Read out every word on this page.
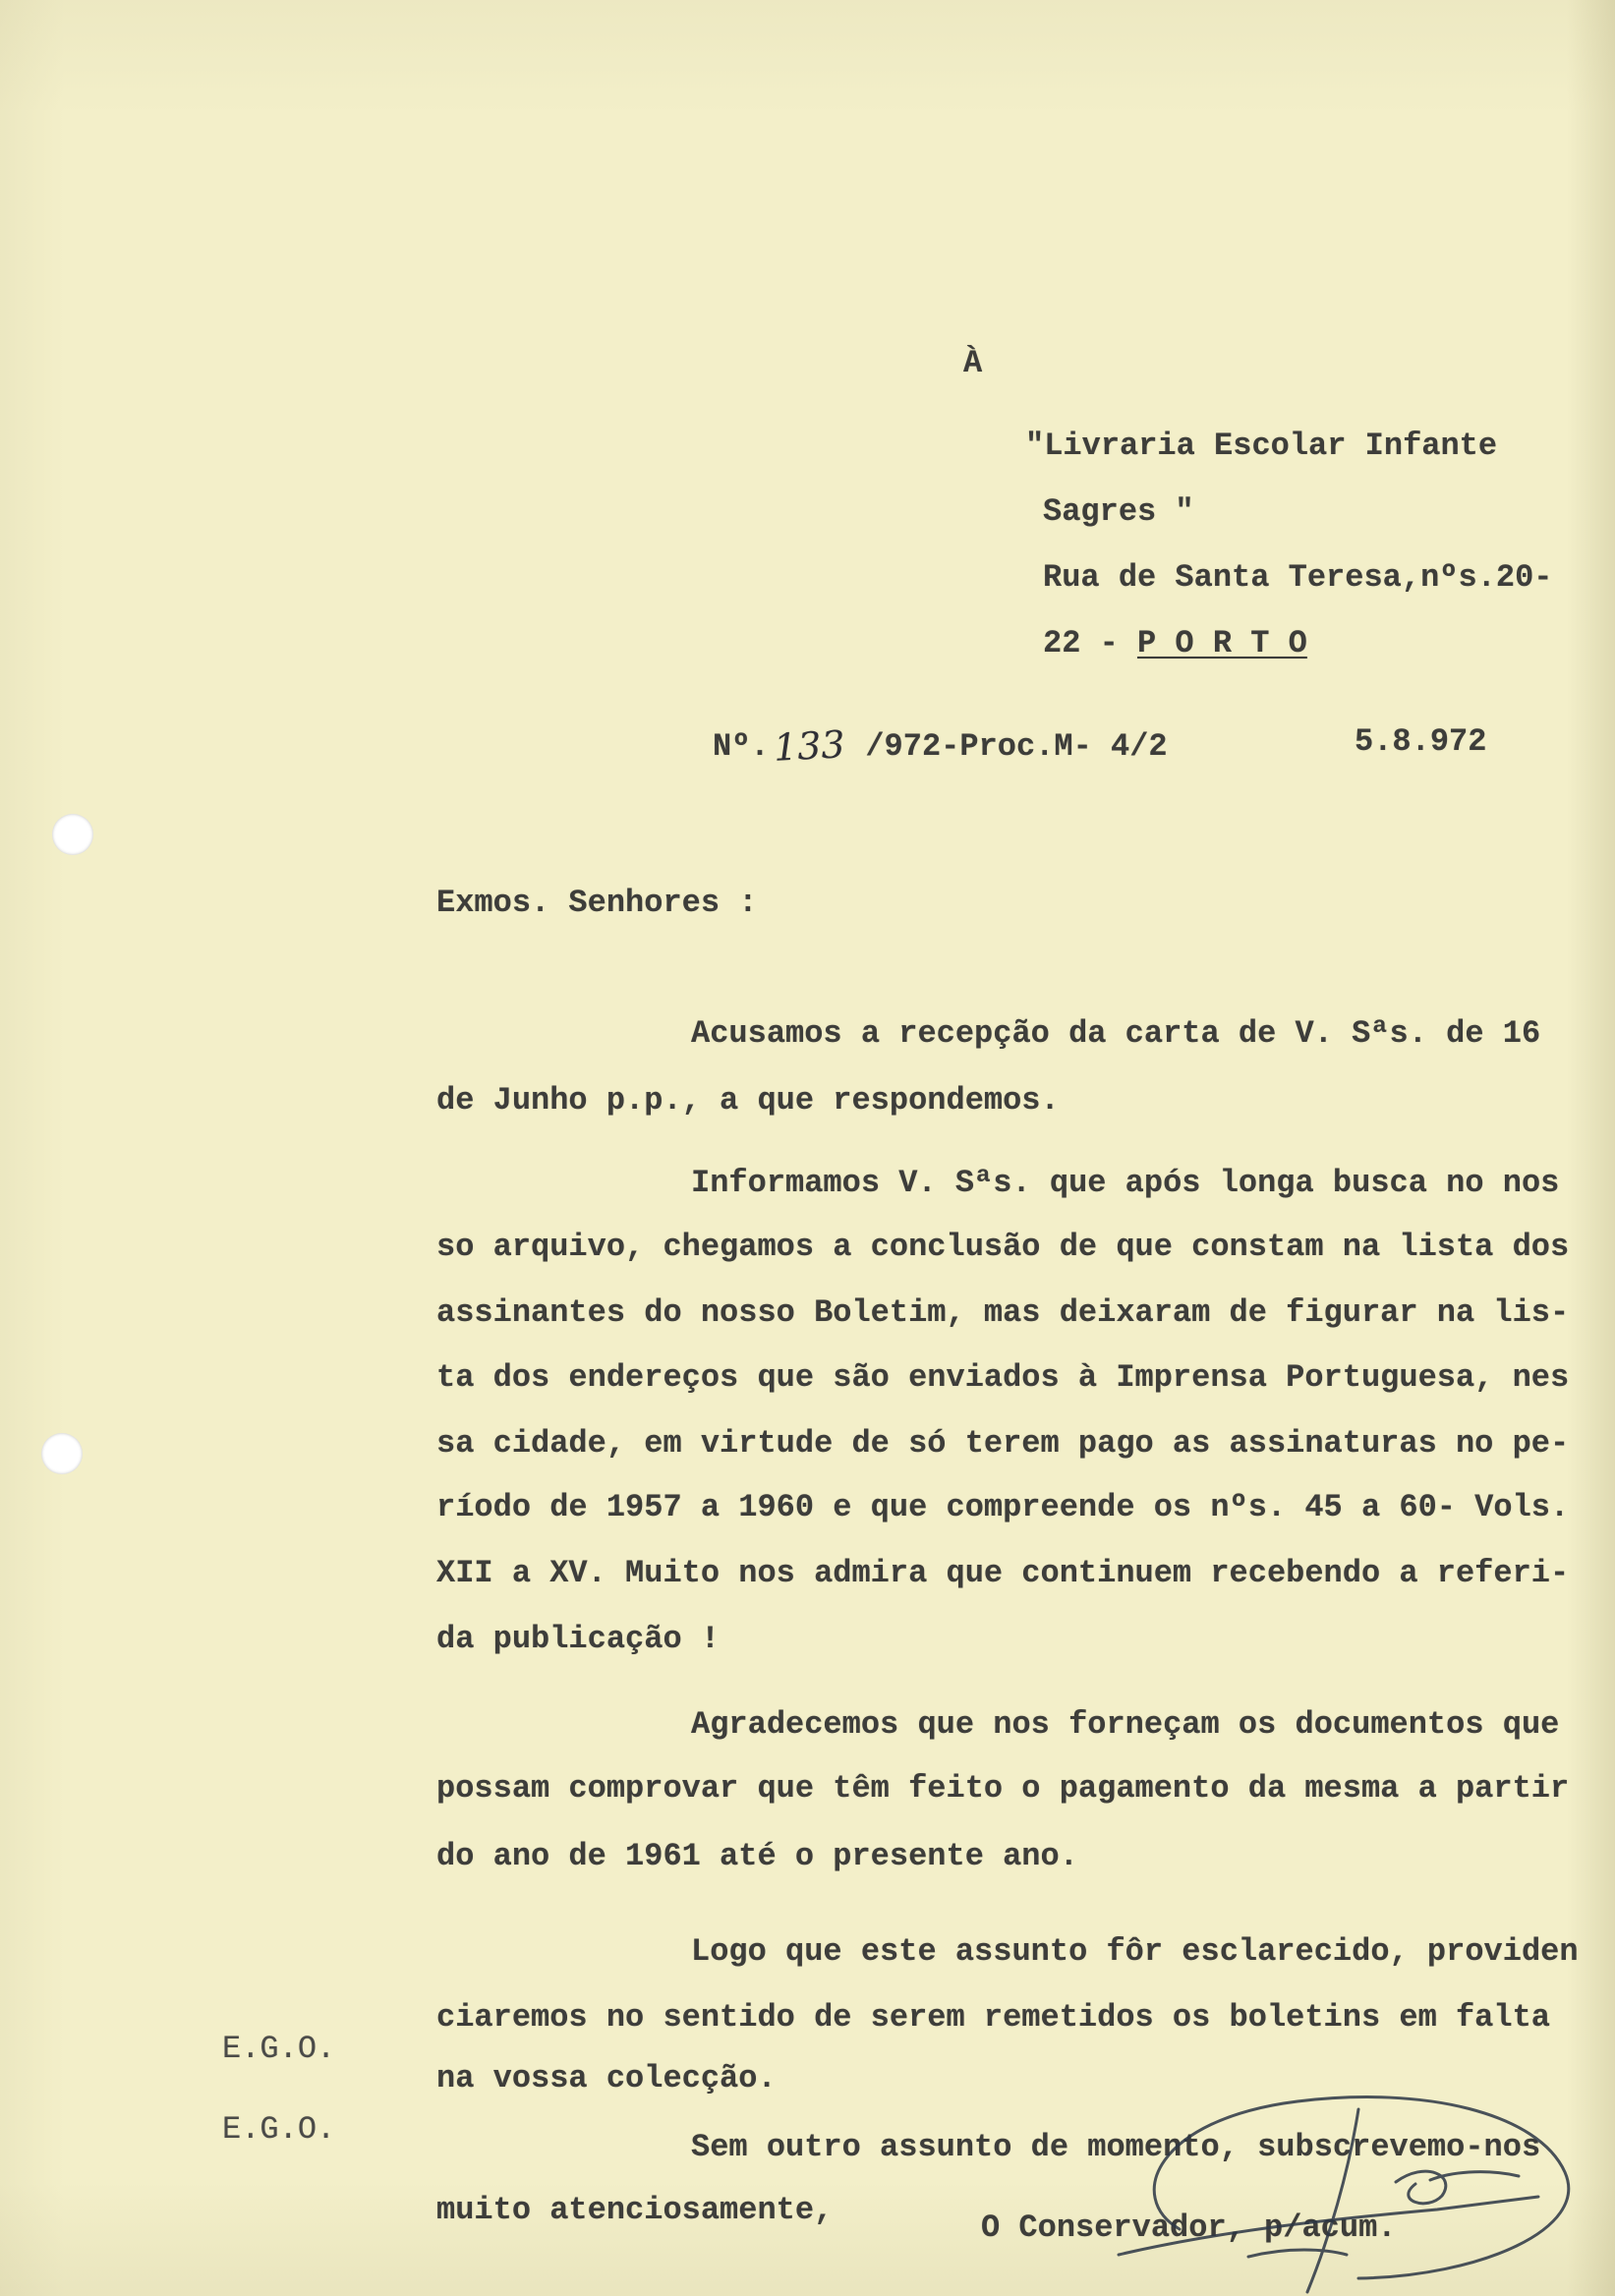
À
"Livraria Escolar Infante
Sagres "
Rua de Santa Teresa,nºs.20-
22 - P O R T O
Nº.133 /972-Proc.M- 4/2	5.8.972
Exmos. Senhores :
Acusamos a recepção da carta de V. Sªs. de 16
de Junho p.p., a que respondemos.
Informamos V. Sªs. que após longa busca no nos
so arquivo, chegamos a conclusão de que constam na lista dos
assinantes do nosso Boletim, mas deixaram de figurar na lis-
ta dos endereços que são enviados à Imprensa Portuguesa, nes
sa cidade, em virtude de só terem pago as assinaturas no pe-
ríodo de 1957 a 1960 e que compreende os nºs. 45 a 60- Vols.
XII a XV. Muito nos admira que continuem recebendo a referi-
da publicação !
Agradecemos que nos forneçam os documentos que
possam comprovar que têm feito o pagamento da mesma a partir
do ano de 1961 até o presente ano.
Logo que este assunto fôr esclarecido, providen
ciaremos no sentido de serem remetidos os boletins em falta
na vossa colecção.
Sem outro assunto de momento, subscrevemo-nos
muito atenciosamente,	O Conservador, p/acum.
E.G.O.
E.G.O.
